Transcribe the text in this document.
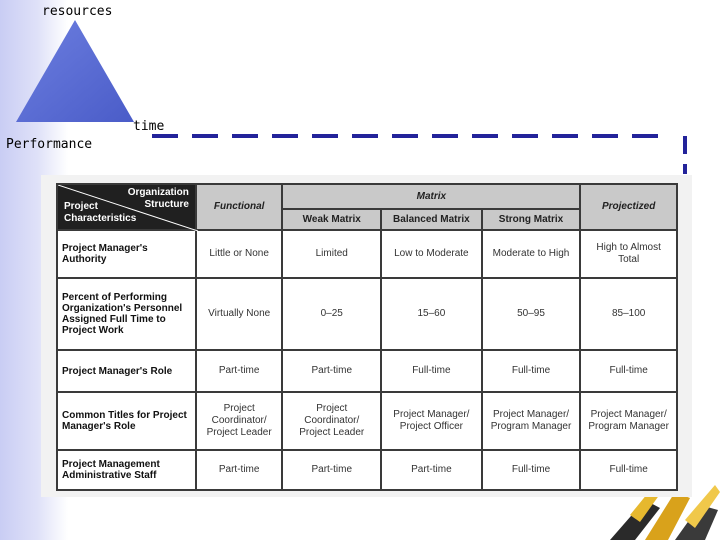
resources
Performance
time
Organization
Structure
Project
Characteristics	Functional	Matrix			Projectized
		Weak Matrix	Balanced Matrix	Strong Matrix	
Project Manager's Authority	Little or None	Limited	Low to Moderate	Moderate to High	High to Almost Total
Percent of Performing Organization's Personnel Assigned Full Time to Project Work	Virtually None	0–25	15–60	50–95	85–100
Project Manager's Role	Part-time	Part-time	Full-time	Full-time	Full-time
Common Titles for Project Manager's Role	Project Coordinator/ Project Leader	Project Coordinator/ Project Leader	Project Manager/ Project Officer	Project Manager/ Program Manager	Project Manager/ Program Manager
Project Management Administrative Staff	Part-time	Part-time	Part-time	Full-time	Full-time
